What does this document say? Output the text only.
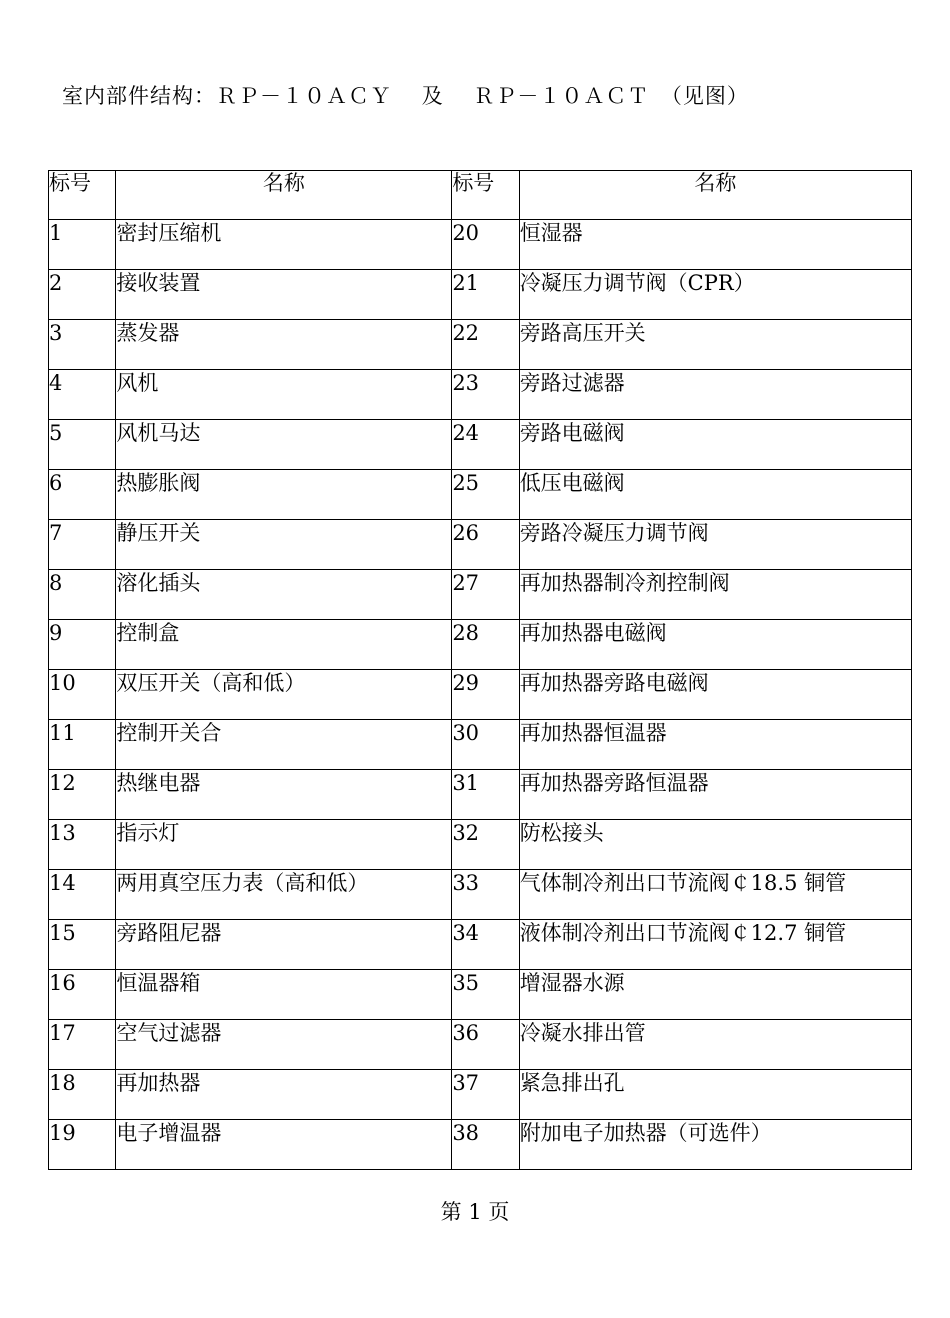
室内部件结构：ＲＰ－１０ＡＣＹ　 及　 ＲＰ－１０ＡＣＴ　（见图）
标号	名称	标号	名称
1	密封压缩机	20	恒湿器
2	接收装置	21	冷凝压力调节阀（CPR）
3	蒸发器	22	旁路高压开关
4	风机	23	旁路过滤器
5	风机马达	24	旁路电磁阀
6	热膨胀阀	25	低压电磁阀
7	静压开关	26	旁路冷凝压力调节阀
8	溶化插头	27	再加热器制冷剂控制阀
9	控制盒	28	再加热器电磁阀
10	双压开关（高和低）	29	再加热器旁路电磁阀
11	控制开关合	30	再加热器恒温器
12	热继电器	31	再加热器旁路恒温器
13	指示灯	32	防松接头
14	两用真空压力表（高和低）	33	气体制冷剂出口节流阀￠18.5 铜管
15	旁路阻尼器	34	液体制冷剂出口节流阀￠12.7 铜管
16	恒温器箱	35	增湿器水源
17	空气过滤器	36	冷凝水排出管
18	再加热器	37	紧急排出孔
19	电子增温器	38	附加电子加热器（可选件）
第 1 页
